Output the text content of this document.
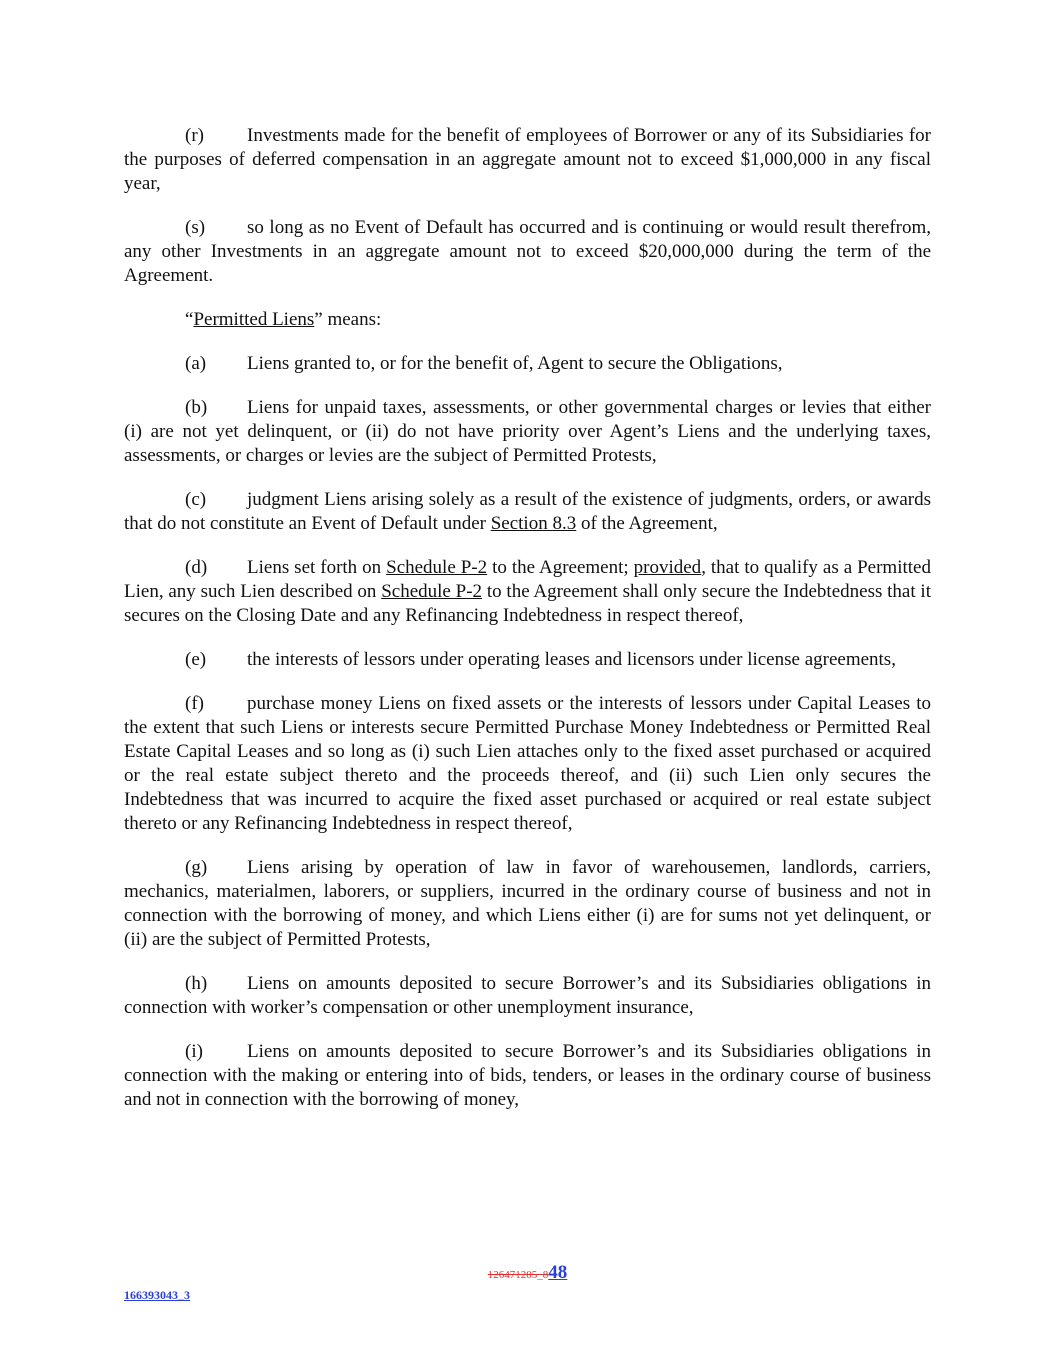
(r) Investments made for the benefit of employees of Borrower or any of its Subsidiaries for the purposes of deferred compensation in an aggregate amount not to exceed $1,000,000 in any fiscal year,

(s) so long as no Event of Default has occurred and is continuing or would result therefrom, any other Investments in an aggregate amount not to exceed $20,000,000 during the term of the Agreement.

“Permitted Liens” means:

(a) Liens granted to, or for the benefit of, Agent to secure the Obligations,

(b) Liens for unpaid taxes, assessments, or other governmental charges or levies that either (i) are not yet delinquent, or (ii) do not have priority over Agent’s Liens and the underlying taxes, assessments, or charges or levies are the subject of Permitted Protests,

(c) judgment Liens arising solely as a result of the existence of judgments, orders, or awards that do not constitute an Event of Default under Section 8.3 of the Agreement,

(d) Liens set forth on Schedule P-2 to the Agreement; provided, that to qualify as a Permitted Lien, any such Lien described on Schedule P-2 to the Agreement shall only secure the Indebtedness that it secures on the Closing Date and any Refinancing Indebtedness in respect thereof,

(e) the interests of lessors under operating leases and licensors under license agreements,

(f) purchase money Liens on fixed assets or the interests of lessors under Capital Leases to the extent that such Liens or interests secure Permitted Purchase Money Indebtedness or Permitted Real Estate Capital Leases and so long as (i) such Lien attaches only to the fixed asset purchased or acquired or the real estate subject thereto and the proceeds thereof, and (ii) such Lien only secures the Indebtedness that was incurred to acquire the fixed asset purchased or acquired or real estate subject thereto or any Refinancing Indebtedness in respect thereof,

(g) Liens arising by operation of law in favor of warehousemen, landlords, carriers, mechanics, materialmen, laborers, or suppliers, incurred in the ordinary course of business and not in connection with the borrowing of money, and which Liens either (i) are for sums not yet delinquent, or (ii) are the subject of Permitted Protests,

(h) Liens on amounts deposited to secure Borrower’s and its Subsidiaries obligations in connection with worker’s compensation or other unemployment insurance,

(i) Liens on amounts deposited to secure Borrower’s and its Subsidiaries obligations in connection with the making or entering into of bids, tenders, or leases in the ordinary course of business and not in connection with the borrowing of money,

126471205_848
166393043_3
